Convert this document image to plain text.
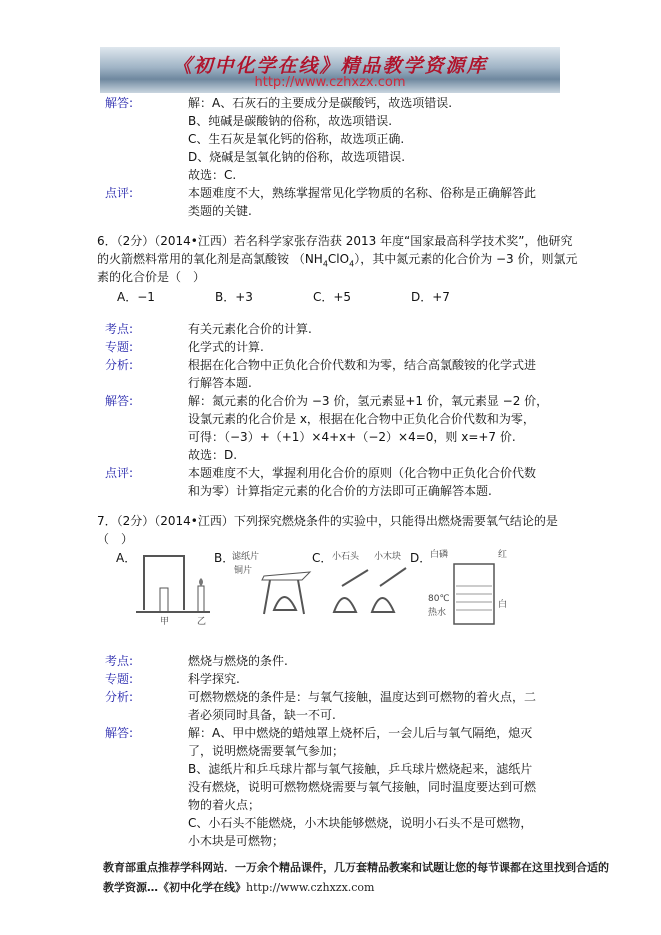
《初中化学在线》精品教学资源库
http://www.czhxzx.com
解答:	解：A、石灰石的主要成分是碳酸钙，故选项错误.
B、纯碱是碳酸钠的俗称，故选项错误.
C、生石灰是氧化钙的俗称，故选项正确.
D、烧碱是氢氧化钠的俗称，故选项错误.
故选：C.
点评:	本题难度不大，熟练掌握常见化学物质的名称、俗称是正确解答此
类题的关键.
6．（2分）（2014•江西）若名科学家张存浩获 2013 年度“国家最高科学技术奖”，他研究
的火箭燃料常用的氧化剂是高氯酸铵 $(NH_4ClO_4)$，其中氮元素的化合价为 −3 价，则氯元
素的化合价是（　）
A．−1	B．+3	C．+5	D．+7
考点:	有关元素化合价的计算.
专题:	化学式的计算.
分析:	根据在化合物中正负化合价代数和为零，结合高氯酸铵的化学式进
行解答本题.
解答:	解：氮元素的化合价为 −3 价，氢元素显+1 价，氧元素显 −2 价，
设氯元素的化合价是 x，根据在化合物中正负化合价代数和为零，
可得：（−3）+（+1）×4+x+（−2）×4=0，则 x=+7 价.
故选：D.
点评:	本题难度不大，掌握利用化合价的原则（化合物中正负化合价代数
和为零）计算指定元素的化合价的方法即可正确解答本题.
7．（2分）（2014•江西）下列探究燃烧条件的实验中，只能得出燃烧需要氧气结论的是
（　）
A．
甲	乙
B．
滤纸片
铜片
C． 小石头 小木块 D．
白磷	红
80℃
热水
白
考点:	燃烧与燃烧的条件.
专题:	科学探究.
分析:	可燃物燃烧的条件是：与氧气接触，温度达到可燃物的着火点，二
者必须同时具备，缺一不可.
解答:	解：A、甲中燃烧的蜡烛罩上烧杯后，一会儿后与氧气隔绝，熄灭
了，说明燃烧需要氧气参加；
B、滤纸片和乒乓球片都与氧气接触，乒乓球片燃烧起来，滤纸片
没有燃烧，说明可燃物燃烧需要与氧气接触，同时温度要达到可燃
物的着火点；
C、小石头不能燃烧，小木块能够燃烧，说明小石头不是可燃物，
小木块是可燃物；
教育部重点推荐学科网站．一万余个精品课件，几万套精品教案和试题让您的每节课都在这里找到合适的
教学资源…《初中化学在线》http://www.czhxzx.com
